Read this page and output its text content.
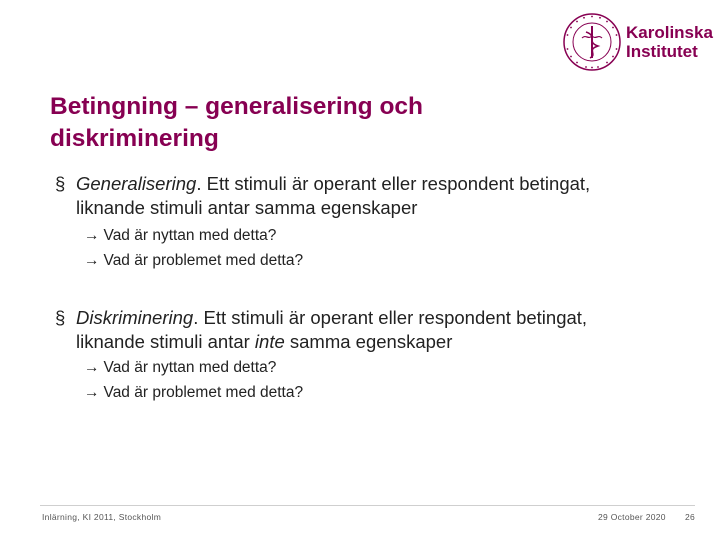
Karolinska
Institutet
Betingning – generalisering och
diskriminering
§ Generalisering. Ett stimuli är operant eller respondent betingat,
liknande stimuli antar samma egenskaper
→ Vad är nyttan med detta?
→ Vad är problemet med detta?
§ Diskriminering. Ett stimuli är operant eller respondent betingat,
liknande stimuli antar inte samma egenskaper
→ Vad är nyttan med detta?
→ Vad är problemet med detta?
Inlärning, KI 2011, Stockholm	29 October 2020 26
